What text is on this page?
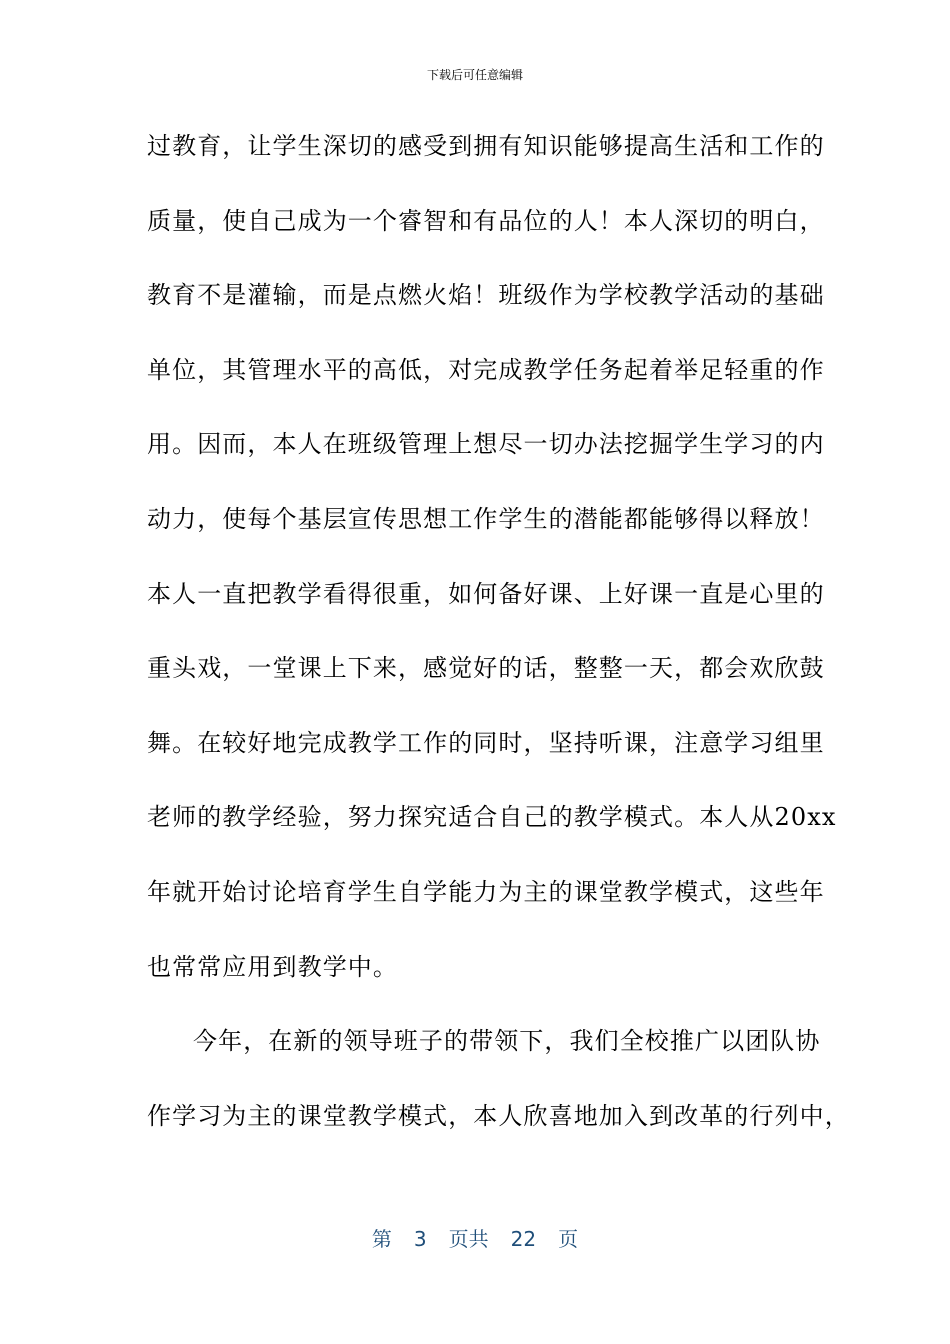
下载后可任意编辑
过教育，让学生深切的感受到拥有知识能够提高生活和工作的
质量，使自己成为一个睿智和有品位的人！本人深切的明白，
教育不是灌输，而是点燃火焰！班级作为学校教学活动的基础
单位，其管理水平的高低，对完成教学任务起着举足轻重的作
用。因而，本人在班级管理上想尽一切办法挖掘学生学习的内
动力，使每个基层宣传思想工作学生的潜能都能够得以释放！
本人一直把教学看得很重，如何备好课、上好课一直是心里的
重头戏，一堂课上下来，感觉好的话，整整一天，都会欢欣鼓
舞。在较好地完成教学工作的同时，坚持听课，注意学习组里
老师的教学经验，努力探究适合自己的教学模式。本人从20xx
年就开始讨论培育学生自学能力为主的课堂教学模式，这些年
也常常应用到教学中。
今年，在新的领导班子的带领下，我们全校推广以团队协
作学习为主的课堂教学模式，本人欣喜地加入到改革的行列中，
第 3 页共 22 页
